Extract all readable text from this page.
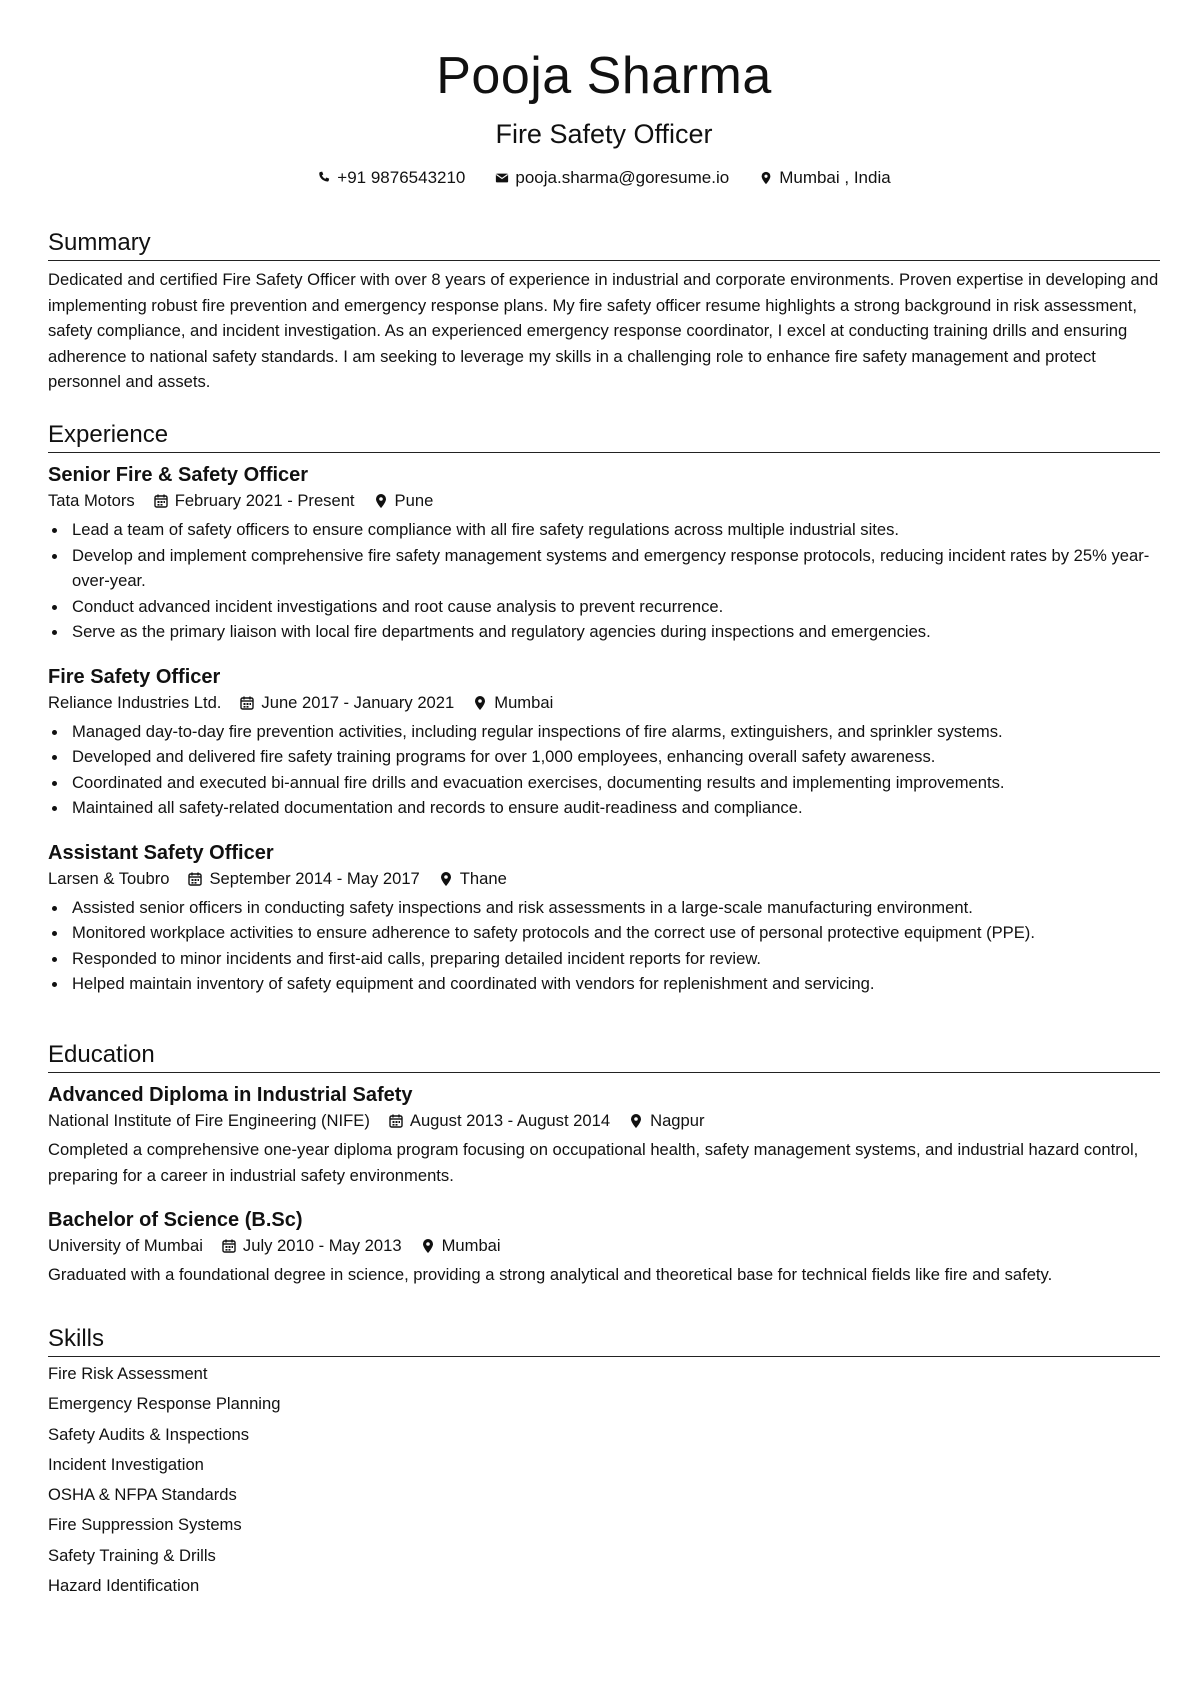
Pooja Sharma
Fire Safety Officer
+91 9876543210	pooja.sharma@goresume.io	Mumbai , India
Summary
Dedicated and certified Fire Safety Officer with over 8 years of experience in industrial and corporate environments. Proven expertise in developing and implementing robust fire prevention and emergency response plans. My fire safety officer resume highlights a strong background in risk assessment, safety compliance, and incident investigation. As an experienced emergency response coordinator, I excel at conducting training drills and ensuring adherence to national safety standards. I am seeking to leverage my skills in a challenging role to enhance fire safety management and protect personnel and assets.
Experience
Senior Fire & Safety Officer
Tata Motors February 2021 - Present Pune
Lead a team of safety officers to ensure compliance with all fire safety regulations across multiple industrial sites.
Develop and implement comprehensive fire safety management systems and emergency response protocols, reducing incident rates by 25% year-over-year.
Conduct advanced incident investigations and root cause analysis to prevent recurrence.
Serve as the primary liaison with local fire departments and regulatory agencies during inspections and emergencies.
Fire Safety Officer
Reliance Industries Ltd. June 2017 - January 2021 Mumbai
Managed day-to-day fire prevention activities, including regular inspections of fire alarms, extinguishers, and sprinkler systems.
Developed and delivered fire safety training programs for over 1,000 employees, enhancing overall safety awareness.
Coordinated and executed bi-annual fire drills and evacuation exercises, documenting results and implementing improvements.
Maintained all safety-related documentation and records to ensure audit-readiness and compliance.
Assistant Safety Officer
Larsen & Toubro September 2014 - May 2017 Thane
Assisted senior officers in conducting safety inspections and risk assessments in a large-scale manufacturing environment.
Monitored workplace activities to ensure adherence to safety protocols and the correct use of personal protective equipment (PPE).
Responded to minor incidents and first-aid calls, preparing detailed incident reports for review.
Helped maintain inventory of safety equipment and coordinated with vendors for replenishment and servicing.
Education
Advanced Diploma in Industrial Safety
National Institute of Fire Engineering (NIFE) August 2013 - August 2014 Nagpur
Completed a comprehensive one-year diploma program focusing on occupational health, safety management systems, and industrial hazard control, preparing for a career in industrial safety environments.
Bachelor of Science (B.Sc)
University of Mumbai July 2010 - May 2013 Mumbai
Graduated with a foundational degree in science, providing a strong analytical and theoretical base for technical fields like fire and safety.
Skills
Fire Risk Assessment
Emergency Response Planning
Safety Audits & Inspections
Incident Investigation
OSHA & NFPA Standards
Fire Suppression Systems
Safety Training & Drills
Hazard Identification
